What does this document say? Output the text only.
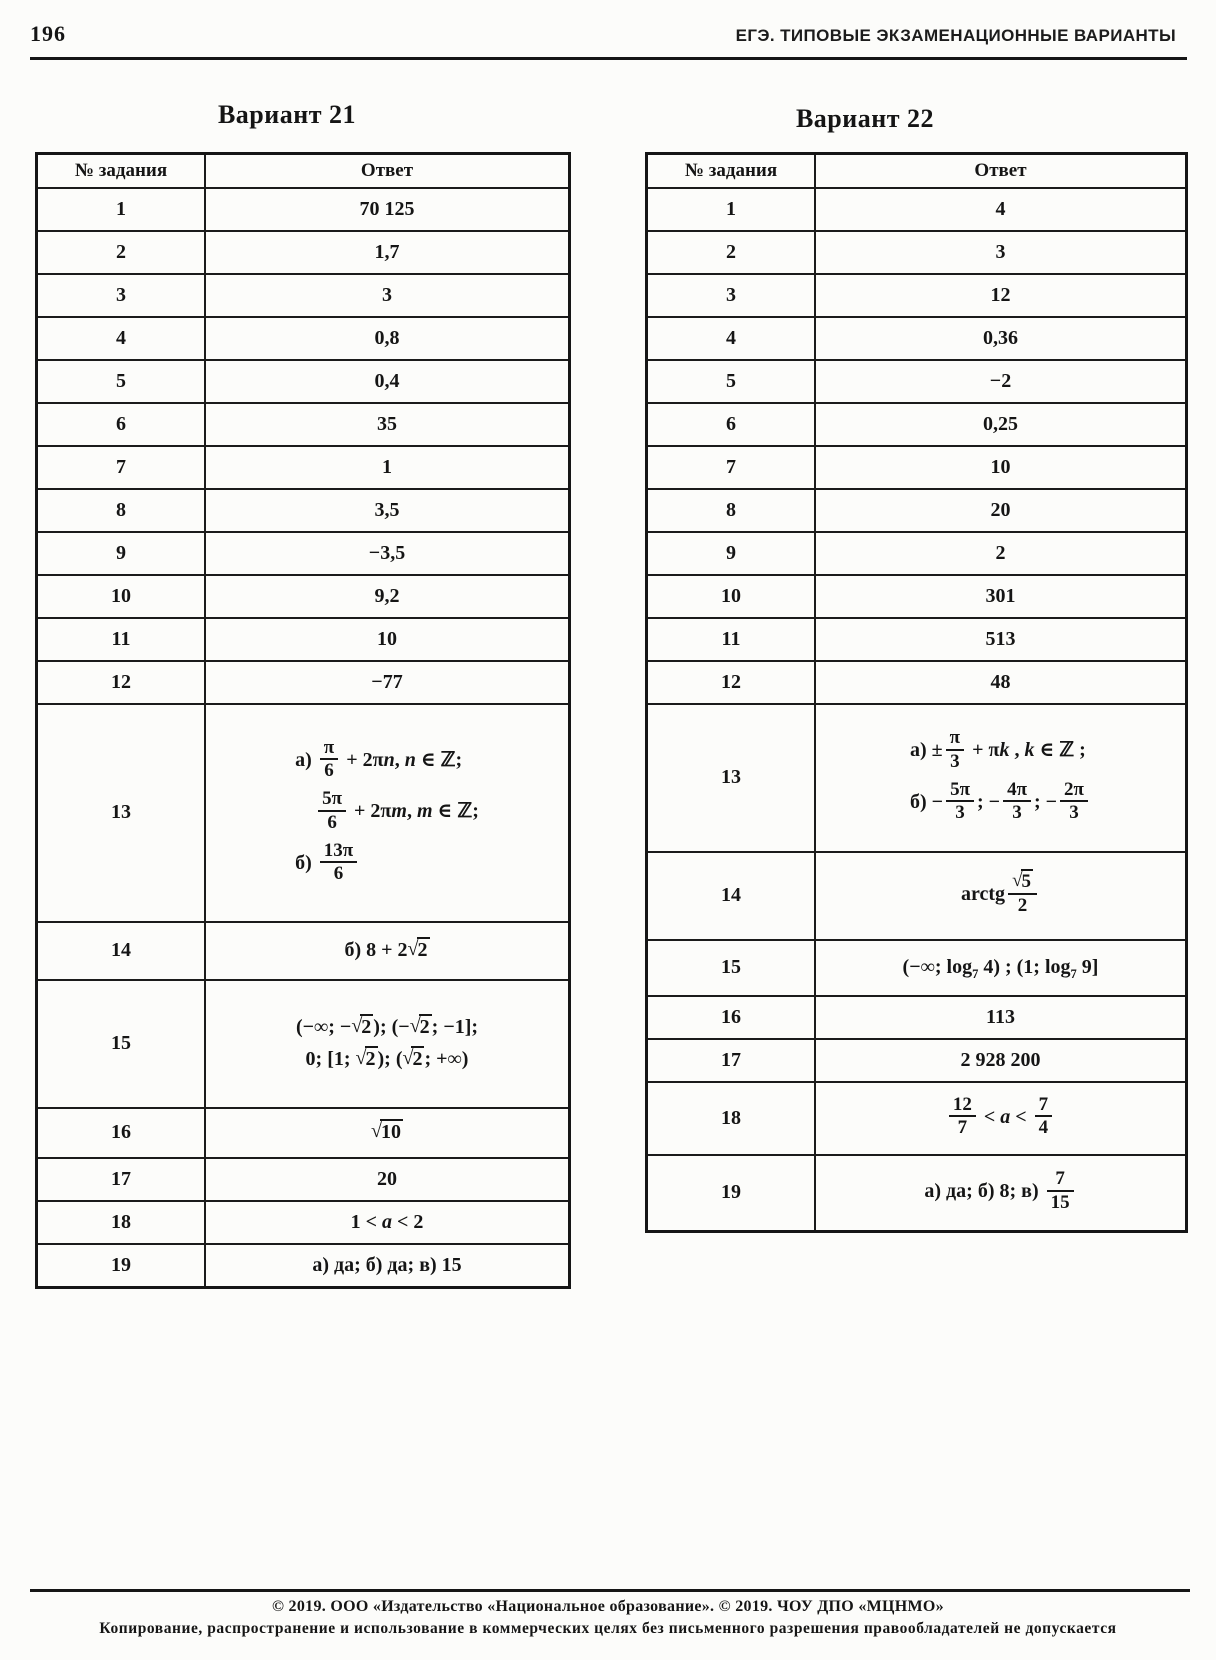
196	ЕГЭ. ТИПОВЫЕ ЭКЗАМЕНАЦИОННЫЕ ВАРИАНТЫ
Вариант 21	Вариант 22
№ задания	Ответ
1	70 125

2	1,7

3	3

4	0,8

5	0,4

6	35

7	1

8	3,5

9	−3,5

10	9,2

11	10

12	−77

13	
$а) \frac{\pi}{6} + 2\pi n$, n ∈ ℤ;

$\frac{5\pi}{6} + 2\pi m$, m ∈ ℤ;
$б) \frac{13\pi}{6}$

14	б) 8 + 2√2

15	(−∞; −√2 ); (−√2 ; −1];
0; [1; √2 ); (√2 ; +∞)

16	√10

17	20

18	1 < a < 2

19	а) да; б) да; в) 15
№ задания	Ответ
1	4

2	3

3	12

4	0,36

5	−2

6	0,25

7	10

8	20

9	2

10	301

11	513

12	48

13	
$а) \pm \frac{\pi}{3} + \pi k$ , k ∈ ℤ ;
$б) - \frac{5\pi}{3}$ ; − $\frac{4\pi}{3}$ ; − $\frac{2\pi}{3}$

14	arctg $\frac{√5}{2}$

15	(−∞; $\log_7 4$) ; (1; $\log_7 9$]

16	113

17	2 928 200

18	$\frac{12}{7} < a < \frac{7}{4}$

19	а) да; б) 8; $в) \frac{7}{15}$
© 2019. ООО «Издательство «Национальное образование». © 2019. ЧОУ ДПО «МЦНМО»
Копирование, распространение и использование в коммерческих целях без письменного разрешения правообладателей не допускается
